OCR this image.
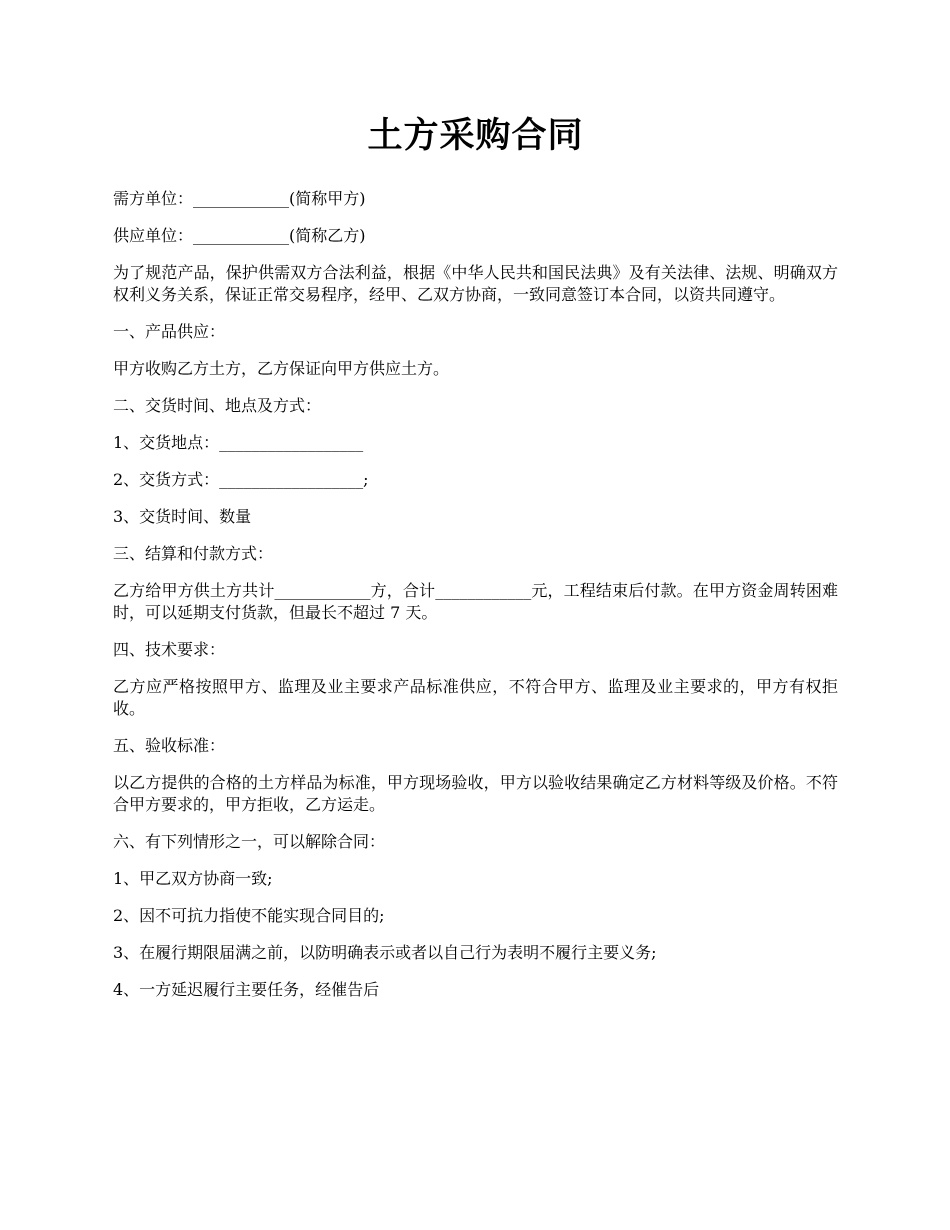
土方采购合同

需方单位：____________(简称甲方)

供应单位：____________(简称乙方)

为了规范产品，保护供需双方合法利益，根据《中华人民共和国民法典》及有关法律、法规、明确双方权利义务关系，保证正常交易程序，经甲、乙双方协商，一致同意签订本合同，以资共同遵守。

一、产品供应：

甲方收购乙方土方，乙方保证向甲方供应土方。

二、交货时间、地点及方式：

1、交货地点：__________________

2、交货方式：__________________;

3、交货时间、数量

三、结算和付款方式：

乙方给甲方供土方共计____________方，合计____________元，工程结束后付款。在甲方资金周转困难时，可以延期支付货款，但最长不超过 7 天。

四、技术要求：

乙方应严格按照甲方、监理及业主要求产品标准供应，不符合甲方、监理及业主要求的，甲方有权拒收。

五、验收标准：

以乙方提供的合格的土方样品为标准，甲方现场验收，甲方以验收结果确定乙方材料等级及价格。不符合甲方要求的，甲方拒收，乙方运走。

六、有下列情形之一，可以解除合同：

1、甲乙双方协商一致;

2、因不可抗力指使不能实现合同目的;

3、在履行期限届满之前，以防明确表示或者以自己行为表明不履行主要义务;

4、一方延迟履行主要任务，经催告后
